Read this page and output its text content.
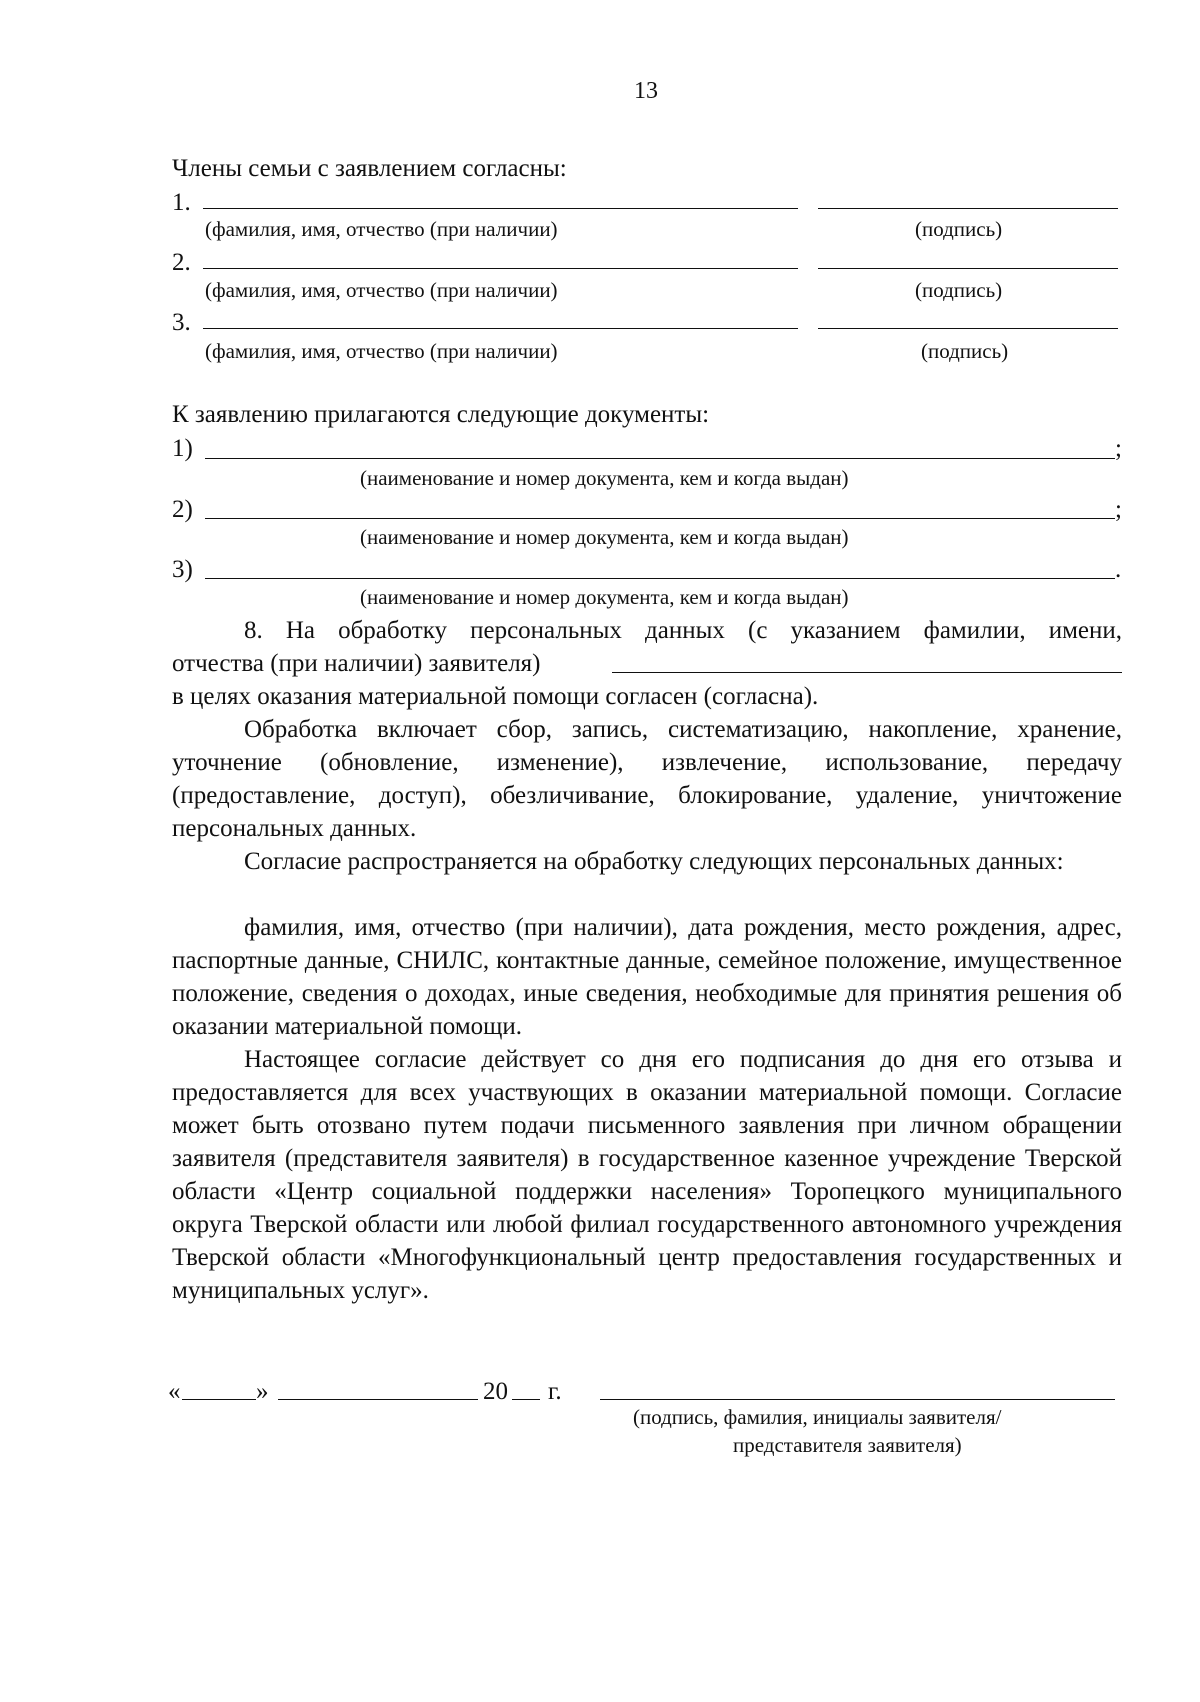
13
Члены семьи с заявлением согласны:
1.
(фамилия, имя, отчество (при наличии)	(подпись)
2.
(фамилия, имя, отчество (при наличии)	(подпись)
3.
(фамилия, имя, отчество (при наличии)	(подпись)
К заявлению прилагаются следующие документы:
1)	;
(наименование и номер документа, кем и когда выдан)
2)	;
(наименование и номер документа, кем и когда выдан)
3)	.
(наименование и номер документа, кем и когда выдан)
8. На обработку персональных данных (с указанием фамилии, имени,
отчества (при наличии) заявителя)
в целях оказания материальной помощи согласен (согласна).
Обработка включает сбор, запись, систематизацию, накопление, хранение, уточнение (обновление, изменение), извлечение, использование, передачу (предоставление, доступ), обезличивание, блокирование, удаление, уничтожение персональных данных.
Согласие распространяется на обработку следующих персональных данных:
фамилия, имя, отчество (при наличии), дата рождения, место рождения, адрес, паспортные данные, СНИЛС, контактные данные, семейное положение, имущественное положение, сведения о доходах, иные сведения, необходимые для принятия решения об оказании материальной помощи.
Настоящее согласие действует со дня его подписания до дня его отзыва и предоставляется для всех участвующих в оказании материальной помощи. Согласие может быть отозвано путем подачи письменного заявления при личном обращении заявителя (представителя заявителя) в государственное казенное учреждение Тверской области «Центр социальной поддержки населения» Торопецкого муниципального округа Тверской области или любой филиал государственного автономного учреждения Тверской области «Многофункциональный центр предоставления государственных и муниципальных услуг».
«	»	20 г.
(подпись, фамилия, инициалы заявителя/
представителя заявителя)
